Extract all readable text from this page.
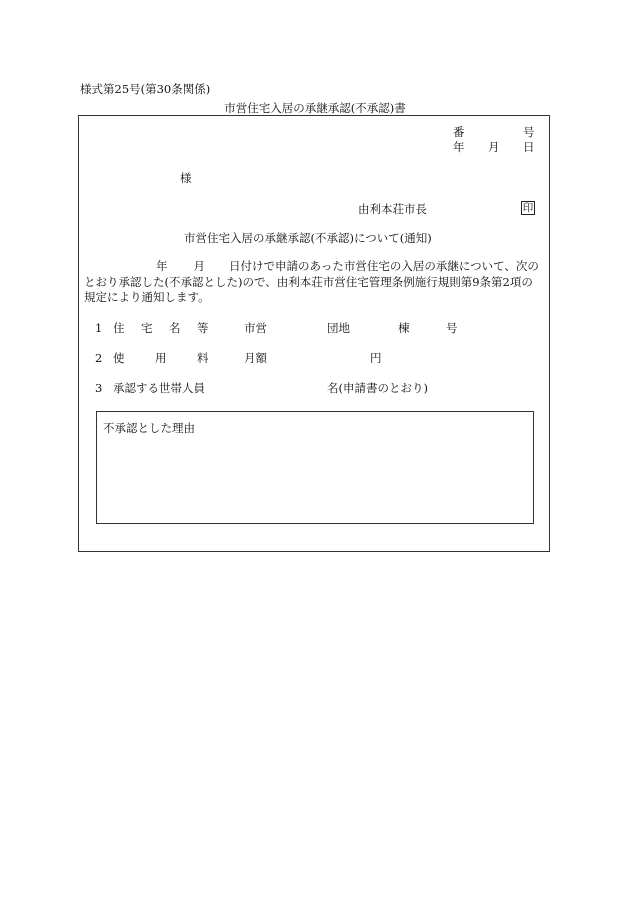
様式第25号(第30条関係)
市営住宅入居の承継承認(不承認)書
番	号
年 月 日
様
由利本荘市長	印
市営住宅入居の承継承認(不承認)について(通知)
年 月 日付けで申請のあった市営住宅の入居の承継について、次の
とおり承認した(不承認とした)ので、由利本荘市営住宅管理条例施行規則第9条第2項の
規定により通知します。
1 住 宅 名 等	市営	団地	棟	号
2 使	用	料	月額	円
3 承認する世帯人員	名(申請書のとおり)
不承認とした理由
